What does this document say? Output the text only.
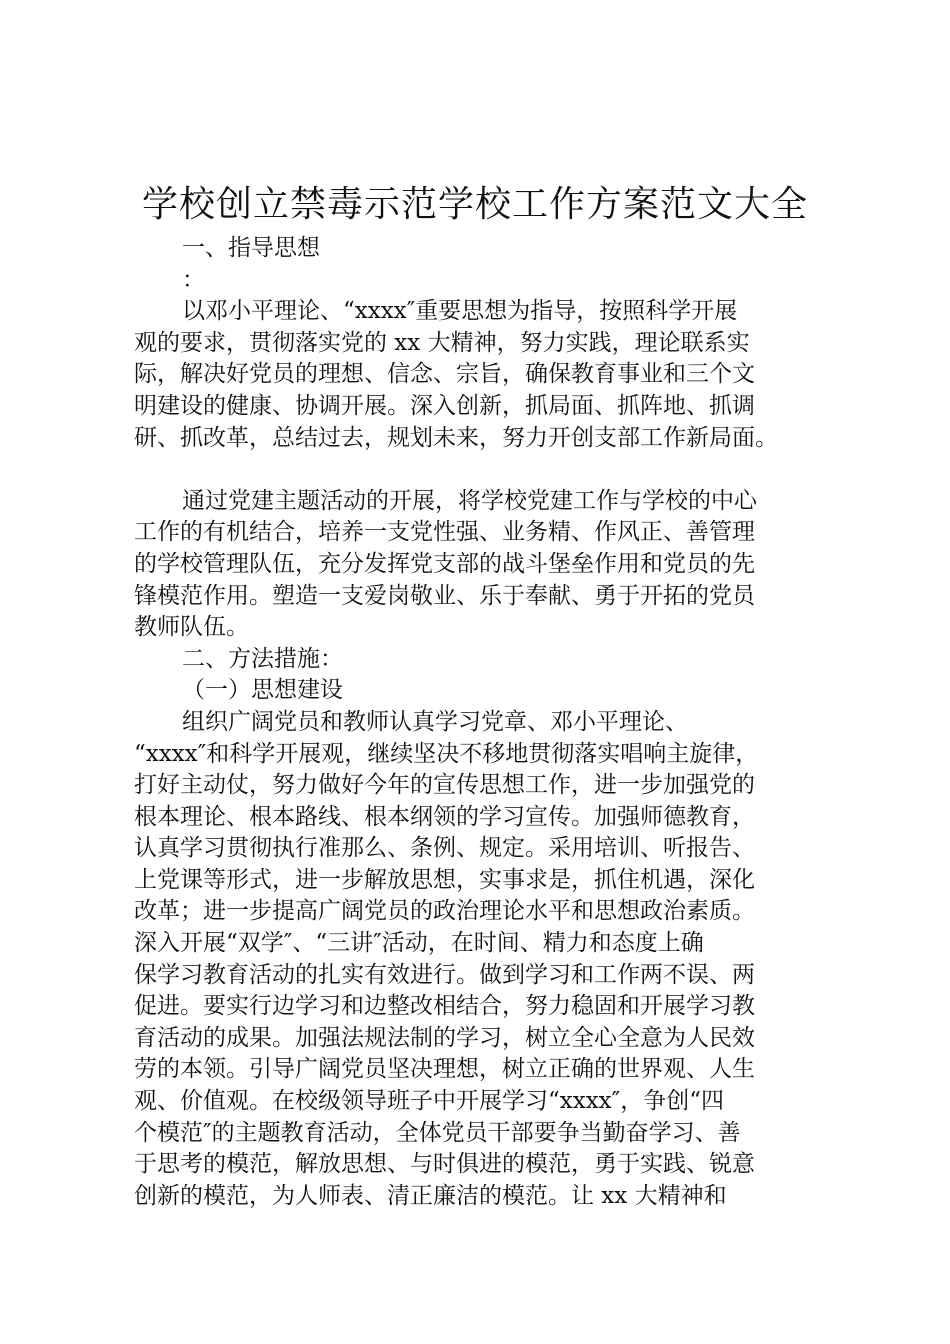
学校创立禁毒示范学校工作方案范文大全
一、指导思想
：
以邓小平理论、“xxxx″重要思想为指导，按照科学开展
观的要求，贯彻落实党的 xx 大精神，努力实践，理论联系实
际，解决好党员的理想、信念、宗旨，确保教育事业和三个文
明建设的健康、协调开展。深入创新，抓局面、抓阵地、抓调
研、抓改革，总结过去，规划未来，努力开创支部工作新局面。
通过党建主题活动的开展，将学校党建工作与学校的中心
工作的有机结合，培养一支党性强、业务精、作风正、善管理
的学校管理队伍，充分发挥党支部的战斗堡垒作用和党员的先
锋模范作用。塑造一支爱岗敬业、乐于奉献、勇于开拓的党员
教师队伍。
二、方法措施：
（一）思想建设
组织广阔党员和教师认真学习党章、邓小平理论、
“xxxx″和科学开展观，继续坚决不移地贯彻落实唱响主旋律，
打好主动仗，努力做好今年的宣传思想工作，进一步加强党的
根本理论、根本路线、根本纲领的学习宣传。加强师德教育，
认真学习贯彻执行准那么、条例、规定。采用培训、听报告、
上党课等形式，进一步解放思想，实事求是，抓住机遇，深化
改革；进一步提高广阔党员的政治理论水平和思想政治素质。
深入开展“双学″、“三讲″活动，在时间、精力和态度上确
保学习教育活动的扎实有效进行。做到学习和工作两不误、两
促进。要实行边学习和边整改相结合，努力稳固和开展学习教
育活动的成果。加强法规法制的学习，树立全心全意为人民效
劳的本领。引导广阔党员坚决理想，树立正确的世界观、人生
观、价值观。在校级领导班子中开展学习“xxxx″，争创“四
个模范″的主题教育活动，全体党员干部要争当勤奋学习、善
于思考的模范，解放思想、与时俱进的模范，勇于实践、锐意
创新的模范，为人师表、清正廉洁的模范。让 xx 大精神和
